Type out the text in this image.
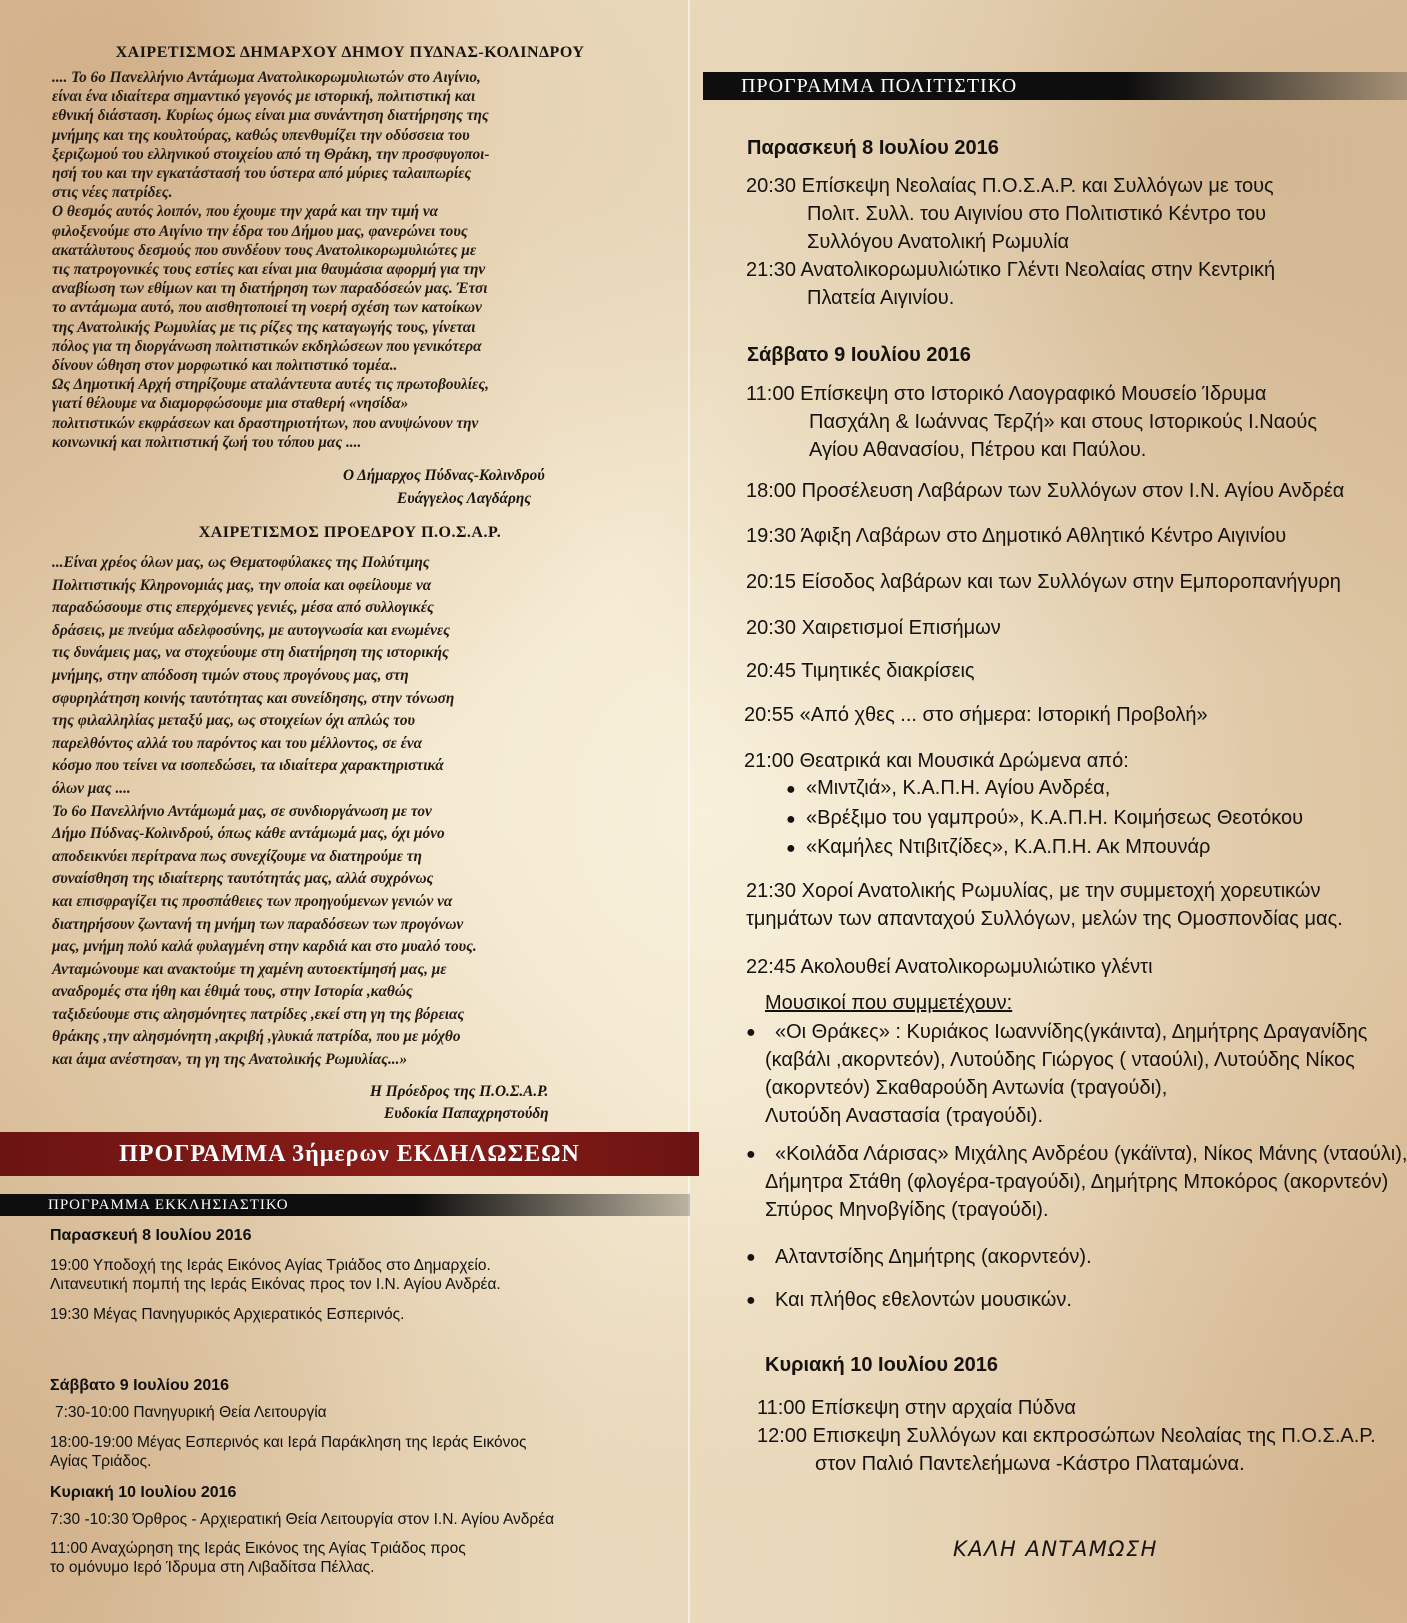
ΧΑΙΡΕΤΙΣΜΟΣ ΔΗΜΑΡΧΟΥ ΔΗΜΟΥ ΠΥΔΝΑΣ-ΚΟΛΙΝΔΡΟΥ

.... Το 6ο Πανελλήνιο Αντάμωμα Ανατολικορωμυλιωτών στο Αιγίνιο,

είναι ένα ιδιαίτερα σημαντικό γεγονός με ιστορική, πολιτιστική και

εθνική διάσταση. Κυρίως όμως είναι μια συνάντηση διατήρησης της

μνήμης και της κουλτούρας, καθώς υπενθυμίζει την οδύσσεια του

ξεριζωμού του ελληνικού στοιχείου από τη Θράκη, την προσφυγοποι-

ησή του και την εγκατάστασή του ύστερα από μύριες ταλαιπωρίες

στις νέες πατρίδες.

Ο θεσμός αυτός λοιπόν, που έχουμε την χαρά και την τιμή να

φιλοξενούμε στο Αιγίνιο την έδρα του Δήμου μας, φανερώνει τους

ακατάλυτους δεσμούς που συνδέουν τους Ανατολικορωμυλιώτες με

τις πατρογονικές τους εστίες και είναι μια θαυμάσια αφορμή για την

αναβίωση των εθίμων και τη διατήρηση των παραδόσεών μας. Έτσι

το αντάμωμα αυτό, που αισθητοποιεί τη νοερή σχέση των κατοίκων

της Ανατολικής Ρωμυλίας με τις ρίζες της καταγωγής τους, γίνεται

πόλος για τη διοργάνωση πολιτιστικών εκδηλώσεων που γενικότερα

δίνουν ώθηση στον μορφωτικό και πολιτιστικό τομέα..

Ως Δημοτική Αρχή στηρίζουμε αταλάντευτα αυτές τις πρωτοβουλίες,

γιατί θέλουμε να διαμορφώσουμε μια σταθερή «νησίδα»

πολιτιστικών εκφράσεων και δραστηριοτήτων, που ανυψώνουν την

κοινωνική και πολιτιστική ζωή του τόπου μας ....

Ο Δήμαρχος Πύδνας-Κολινδρού
Ευάγγελος Λαγδάρης
ΧΑΙΡΕΤΙΣΜΟΣ ΠΡΟΕΔΡΟΥ Π.Ο.Σ.Α.Ρ.

...Είναι χρέος όλων μας, ως Θεματοφύλακες της Πολύτιμης

Πολιτιστικής Κληρονομιάς μας, την οποία και οφείλουμε να

παραδώσουμε στις επερχόμενες γενιές, μέσα από συλλογικές

δράσεις, με πνεύμα αδελφοσύνης, με αυτογνωσία και ενωμένες

τις δυνάμεις μας, να στοχεύουμε στη διατήρηση της ιστορικής

μνήμης, στην απόδοση τιμών στους προγόνους μας, στη

σφυρηλάτηση κοινής ταυτότητας και συνείδησης, στην τόνωση

της φιλαλληλίας μεταξύ μας, ως στοιχείων όχι απλώς του

παρελθόντος αλλά του παρόντος και του μέλλοντος, σε ένα

κόσμο που τείνει να ισοπεδώσει, τα ιδιαίτερα χαρακτηριστικά

όλων μας ....

Το 6ο Πανελλήνιο Αντάμωμά μας, σε συνδιοργάνωση με τον

Δήμο Πύδνας-Κολινδρού, όπως κάθε αντάμωμά μας, όχι μόνο

αποδεικνύει περίτρανα πως συνεχίζουμε να διατηρούμε τη

συναίσθηση της ιδιαίτερης ταυτότητάς μας, αλλά συχρόνως

και επισφραγίζει τις προσπάθειες των προηγούμενων γενιών να

διατηρήσουν ζωντανή τη μνήμη των παραδόσεων των προγόνων

μας, μνήμη πολύ καλά φυλαγμένη στην καρδιά και στο μυαλό τους.

Ανταμώνουμε και ανακτούμε τη χαμένη αυτοεκτίμησή μας, με

αναδρομές στα ήθη και έθιμά τους, στην Ιστορία ,καθώς

ταξιδεύουμε στις αλησμόνητες πατρίδες ,εκεί στη γη της βόρειας

θράκης ,την αλησμόνητη ,ακριβή ,γλυκιά πατρίδα, που με μόχθο

και άιμα ανέστησαν, τη γη της Ανατολικής Ρωμυλίας...»

Η Πρόεδρος της Π.Ο.Σ.Α.Ρ.
Ευδοκία Παπαχρηστούδη
ΠΡΟΓΡΑΜΜΑ 3ήμερων ΕΚΔΗΛΩΣΕΩΝ
ΠΡΟΓΡΑΜΜΑ ΕΚΚΛΗΣΙΑΣΤΙΚΟ
Παρασκευή 8 Ιουλίου 2016
19:00 Υποδοχή της Ιεράς Εικόνος Αγίας Τριάδος στο Δημαρχείο.
Λιτανευτική πομπή της Ιεράς Εικόνας προς τον Ι.Ν. Αγίου Ανδρέα.
19:30 Μέγας Πανηγυρικός Αρχιερατικός Εσπερινός.
Σάββατο 9 Ιουλίου 2016
7:30-10:00 Πανηγυρική Θεία Λειτουργία
18:00-19:00 Μέγας Εσπερινός και Ιερά Παράκληση της Ιεράς Εικόνος
Αγίας Τριάδος.
Κυριακή 10 Ιουλίου 2016
7:30 -10:30 Όρθρος - Αρχιερατική Θεία Λειτουργία στον Ι.Ν. Αγίου Ανδρέα
11:00 Αναχώρηση της Ιεράς Εικόνος της Αγίας Τριάδος προς
το ομόνυμο Ιερό Ίδρυμα στη Λιβαδίτσα Πέλλας.
ΠΡΟΓΡΑΜΜΑ ΠΟΛΙΤΙΣΤΙΚΟ
Παρασκευή 8 Ιουλίου 2016
20:30 Επίσκεψη Νεολαίας Π.Ο.Σ.Α.Ρ. και Συλλόγων με τους
Πολιτ. Συλλ. του Αιγινίου στο Πολιτιστικό Κέντρο του
Συλλόγου Ανατολική Ρωμυλία
21:30 Ανατολικορωμυλιώτικο Γλέντι Νεολαίας στην Κεντρική
Πλατεία Αιγινίου.
Σάββατο 9 Ιουλίου 2016
11:00 Επίσκεψη στο Ιστορικό Λαογραφικό Μουσείο Ίδρυμα
Πασχάλη & Ιωάννας Τερζή» και στους Ιστορικούς Ι.Ναούς
Αγίου Αθανασίου, Πέτρου και Παύλου.
18:00 Προσέλευση Λαβάρων των Συλλόγων στον Ι.Ν. Αγίου Ανδρέα
19:30 Άφιξη Λαβάρων στο Δημοτικό Αθλητικό Κέντρο Αιγινίου
20:15 Είσοδος λαβάρων και των Συλλόγων στην Εμποροπανήγυρη
20:30 Χαιρετισμοί Επισήμων
20:45 Τιμητικές διακρίσεις
20:55 «Από χθες ... στο σήμερα: Ιστορική Προβολή»
21:00 Θεατρικά και Μουσικά Δρώμενα από:
● «Μιντζιά», Κ.Α.Π.Η. Αγίου Ανδρέα,
● «Βρέξιμο του γαμπρού», Κ.Α.Π.Η. Κοιμήσεως Θεοτόκου
● «Καμήλες Ντιβιτζίδες», Κ.Α.Π.Η. Ακ Μπουνάρ
21:30 Χοροί Ανατολικής Ρωμυλίας, με την συμμετοχή χορευτικών
τμημάτων των απανταχού Συλλόγων, μελών της Ομοσπονδίας μας.
22:45 Ακολουθεί Ανατολικορωμυλιώτικο γλέντι
Μουσικοί που συμμετέχουν:
● «Οι Θράκες» : Κυριάκος Ιωαννίδης(γκάιντα), Δημήτρης Δραγανίδης
(καβάλι ,ακορντεόν), Λυτούδης Γιώργος ( νταούλι), Λυτούδης Νίκος
(ακορντεόν) Σκαθαρούδη Αντωνία (τραγούδι),
Λυτούδη Αναστασία (τραγούδι).
● «Κοιλάδα Λάρισας» Μιχάλης Ανδρέου (γκάϊντα), Νίκος Μάνης (νταούλι),
Δήμητρα Στάθη (φλογέρα-τραγούδι), Δημήτρης Μποκόρος (ακορντεόν)
Σπύρος Μηνοβγίδης (τραγούδι).
● Αλταντσίδης Δημήτρης (ακορντεόν).
● Και πλήθος εθελοντών μουσικών.
Κυριακή 10 Ιουλίου 2016
11:00 Επίσκεψη στην αρχαία Πύδνα
12:00 Επισκεψη Συλλόγων και εκπροσώπων Νεολαίας της Π.Ο.Σ.Α.Ρ.
στον Παλιό Παντελεήμωνα -Κάστρο Πλαταμώνα.
ΚΑΛΗ ΑΝΤΑΜΩΣΗ
